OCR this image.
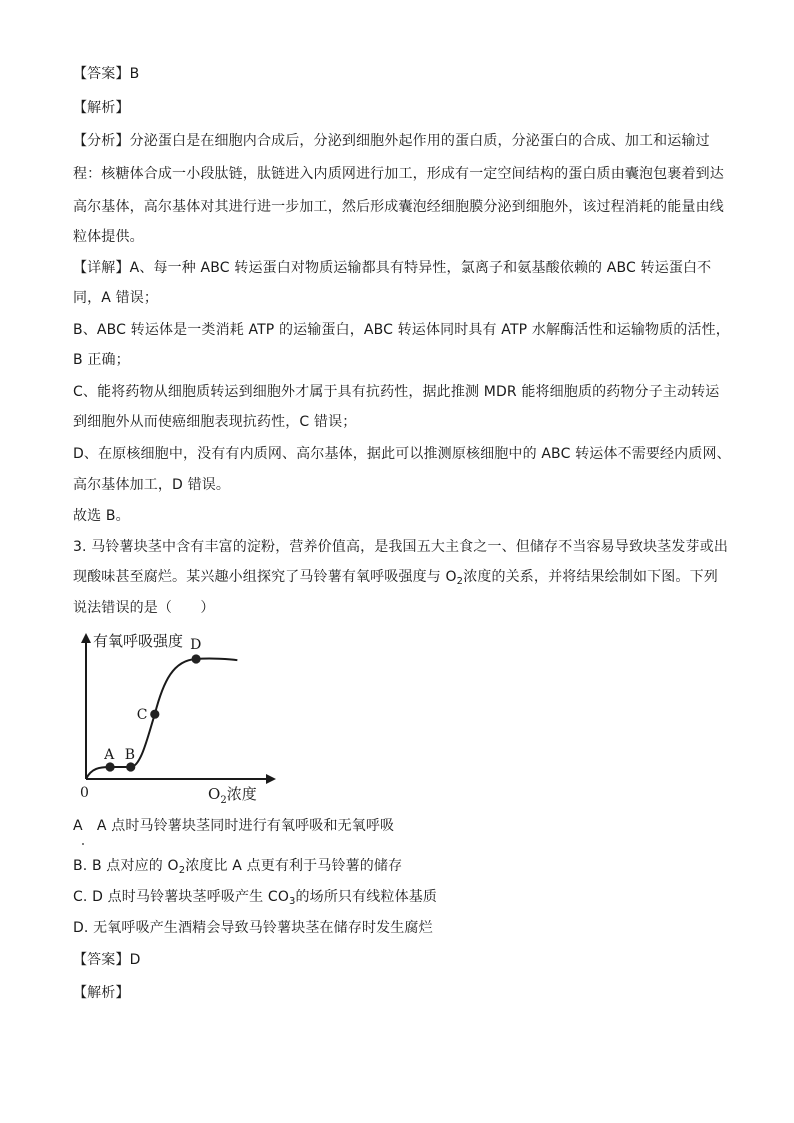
【答案】B
【解析】
【分析】分泌蛋白是在细胞内合成后，分泌到细胞外起作用的蛋白质，分泌蛋白的合成、加工和运输过
程：核糖体合成一小段肽链，肽链进入内质网进行加工，形成有一定空间结构的蛋白质由囊泡包裹着到达
高尔基体，高尔基体对其进行进一步加工，然后形成囊泡经细胞膜分泌到细胞外，该过程消耗的能量由线
粒体提供。
【详解】A、每一种 ABC 转运蛋白对物质运输都具有特异性，氯离子和氨基酸依赖的 ABC 转运蛋白不
同，A 错误；
B、ABC 转运体是一类消耗 ATP 的运输蛋白，ABC 转运体同时具有 ATP 水解酶活性和运输物质的活性，
B 正确；
C、能将药物从细胞质转运到细胞外才属于具有抗药性，据此推测 MDR 能将细胞质的药物分子主动转运
到细胞外从而使癌细胞表现抗药性，C 错误；
D、在原核细胞中，没有有内质网、高尔基体，据此可以推测原核细胞中的 ABC 转运体不需要经内质网、
高尔基体加工，D 错误。
故选 B。
3. 马铃薯块茎中含有丰富的淀粉，营养价值高，是我国五大主食之一、但储存不当容易导致块茎发芽或出
现酸味甚至腐烂。某兴趣小组探究了马铃薯有氧呼吸强度与 $O_2$浓度的关系，并将结果绘制如下图。下列
说法错误的是（　　）
有氧呼吸强度
0	$O_2$浓度
A B
C
D
A　A 点时马铃薯块茎同时进行有氧呼吸和无氧呼吸
B. B 点对应的 $O_2$浓度比 A 点更有利于马铃薯的储存
C. D 点时马铃薯块茎呼吸产生 $CO_3$的场所只有线粒体基质
D. 无氧呼吸产生酒精会导致马铃薯块茎在储存时发生腐烂
【答案】D
【解析】
